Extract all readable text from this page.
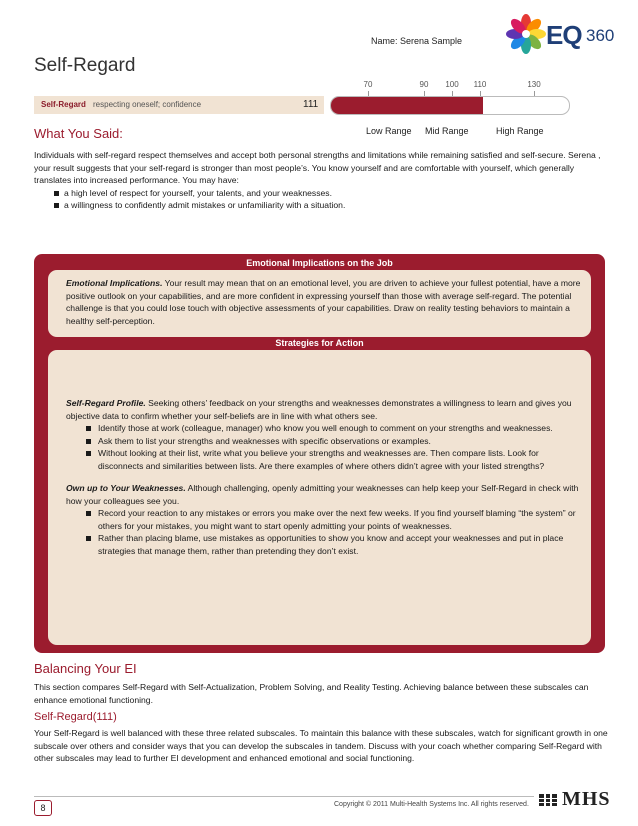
Name: Serena Sample	EQ 360
Self-Regard
70	90 100 110	130
Self-Regard respecting oneself; confidence	111
Low Range Mid Range	High Range
What You Said:

Individuals with self-regard respect themselves and accept both personal strengths and limitations while remaining satisfied and self-secure. Serena , your result suggests that your self-regard is stronger than most people’s. You know yourself and are comfortable with yourself, which generally translates into increased performance. You may have:

a high level of respect for yourself, your talents, and your weaknesses.
a willingness to confidently admit mistakes or unfamiliarity with a situation.
Emotional Implications on the Job
Emotional Implications. Your result may mean that on an emotional level, you are driven to achieve your fullest potential, have a more positive outlook on your capabilities, and are more confident in expressing yourself than those with average self-regard. The potential challenge is that you could lose touch with objective assessments of your capabilities. Draw on reality testing behaviors to maintain a healthy self-perception.
Strategies for Action

Self-Regard Profile. Seeking others’ feedback on your strengths and weaknesses demonstrates a willingness to learn and gives you objective data to confirm whether your self-beliefs are in line with what others see.

Identify those at work (colleague, manager) who know you well enough to comment on your strengths and weaknesses.
Ask them to list your strengths and weaknesses with specific observations or examples.
Without looking at their list, write what you believe your strengths and weaknesses are. Then compare lists. Look for disconnects and similarities between lists. Are there examples of where others didn’t agree with your listed strengths?

Own up to Your Weaknesses. Although challenging, openly admitting your weaknesses can help keep your Self-Regard in check with how your colleagues see you.

Record your reaction to any mistakes or errors you make over the next few weeks. If you find yourself blaming “the system” or others for your mistakes, you might want to start openly admitting your points of weaknesses.
Rather than placing blame, use mistakes as opportunities to show you know and accept your weaknesses and put in place strategies that manage them, rather than pretending they don’t exist.
Balancing Your EI
This section compares Self-Regard with Self-Actualization, Problem Solving, and Reality Testing. Achieving balance between these subscales can enhance emotional functioning.
Self-Regard(111)
Your Self-Regard is well balanced with these three related subscales. To maintain this balance with these subscales, watch for significant growth in one subscale over others and consider ways that you can develop the subscales in tandem. Discuss with your coach whether comparing Self-Regard with other subscales may lead to further EI development and enhanced emotional and social functioning.
8	Copyright © 2011 Multi-Health Systems Inc. All rights reserved. MHS
